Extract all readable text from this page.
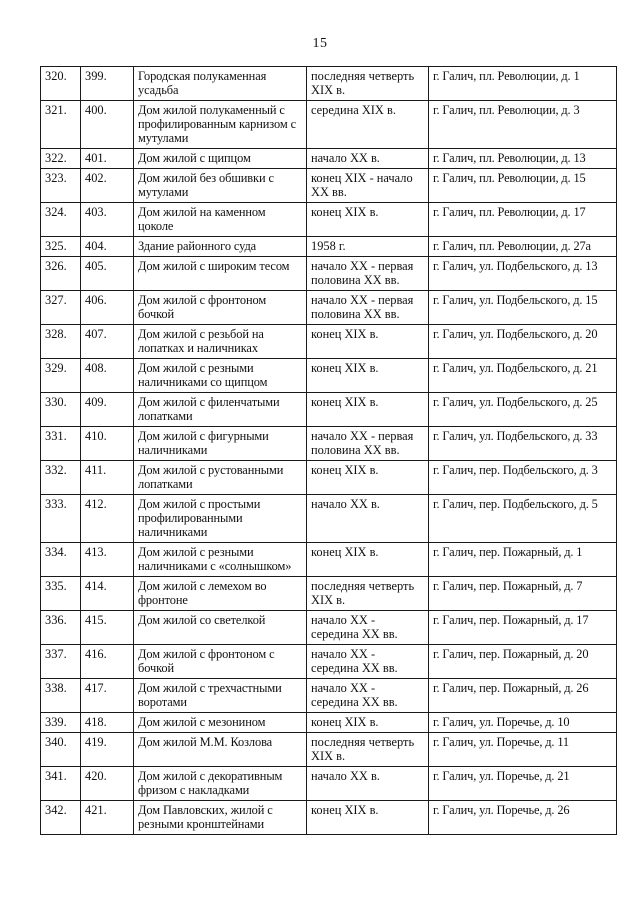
15
320.	399.	Городская полукаменная усадьба	последняя четверть XIX в.	г. Галич, пл. Революции, д. 1
321.	400.	Дом жилой полукаменный с профилированным карнизом с мутулами	середина XIX в.	г. Галич, пл. Революции, д. 3
322.	401.	Дом жилой с щипцом	начало XX в.	г. Галич, пл. Революции, д. 13
323.	402.	Дом жилой без обшивки с мутулами	конец XIX - начало XX вв.	г. Галич, пл. Революции, д. 15
324.	403.	Дом жилой на каменном цоколе	конец XIX в.	г. Галич, пл. Революции, д. 17
325.	404.	Здание районного суда	1958 г.	г. Галич, пл. Революции, д. 27а
326.	405.	Дом жилой с широким тесом	начало XX - первая половина XX вв.	г. Галич, ул. Подбельского, д. 13
327.	406.	Дом жилой с фронтоном бочкой	начало XX - первая половина XX вв.	г. Галич, ул. Подбельского, д. 15
328.	407.	Дом жилой с резьбой на лопатках и наличниках	конец XIX в.	г. Галич, ул. Подбельского, д. 20
329.	408.	Дом жилой с резными наличниками со щипцом	конец XIX в.	г. Галич, ул. Подбельского, д. 21
330.	409.	Дом жилой с филенчатыми лопатками	конец XIX в.	г. Галич, ул. Подбельского, д. 25
331.	410.	Дом жилой с фигурными наличниками	начало XX - первая половина XX вв.	г. Галич, ул. Подбельского, д. 33
332.	411.	Дом жилой с рустованными лопатками	конец XIX в.	г. Галич, пер. Подбельского, д. 3
333.	412.	Дом жилой с простыми профилированными наличниками	начало XX в.	г. Галич, пер. Подбельского, д. 5
334.	413.	Дом жилой с резными наличниками с «солнышком»	конец XIX в.	г. Галич, пер. Пожарный, д. 1
335.	414.	Дом жилой с лемехом во фронтоне	последняя четверть XIX в.	г. Галич, пер. Пожарный, д. 7
336.	415.	Дом жилой со светелкой	начало XX - середина XX вв.	г. Галич, пер. Пожарный, д. 17
337.	416.	Дом жилой с фронтоном с бочкой	начало XX - середина XX вв.	г. Галич, пер. Пожарный, д. 20
338.	417.	Дом жилой с трехчастными воротами	начало XX - середина XX вв.	г. Галич, пер. Пожарный, д. 26
339.	418.	Дом жилой с мезонином	конец XIX в.	г. Галич, ул. Поречье, д. 10
340.	419.	Дом жилой М.М. Козлова	последняя четверть XIX в.	г. Галич, ул. Поречье, д. 11
341.	420.	Дом жилой с декоративным фризом с накладками	начало XX в.	г. Галич, ул. Поречье, д. 21
342.	421.	Дом Павловских, жилой с резными кронштейнами	конец XIX в.	г. Галич, ул. Поречье, д. 26
